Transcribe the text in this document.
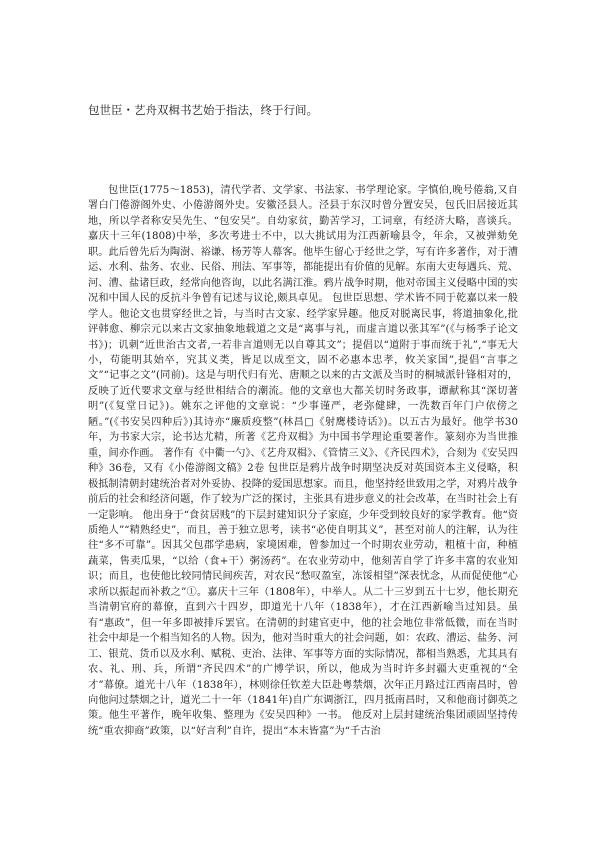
包世臣・艺舟双楫书艺始于指法，终于行间。

包世臣(1775～1853)，清代学者、文学家、书法家、书学理论家。字慎伯,晚号倦翁,又自署白门倦游阁外史、小倦游阁外史。安徽泾县人。泾县于东汉时曾分置安吴，包氏旧居接近其地，所以学者称安吴先生、“包安吴”。自幼家贫，勤苦学习，工词章，有经济大略，喜谈兵。嘉庆十三年(1808)中举，多次考进士不中，以大挑试用为江西新喻县令，年余，又被弹劾免职。此后曾先后为陶澍、裕谦、杨芳等人幕客。他毕生留心于经世之学，写有许多著作，对于漕运、水利、盐务、农业、民俗、刑法、军事等，都能提出有价值的见解。东南大吏每遇兵、荒、河、漕、盐诸巨政，经常向他咨询，以此名满江淮。鸦片战争时期，他对帝国主义侵略中国的实况和中国人民的反抗斗争曾有记述与议论,颇具卓见。 包世臣思想、学术皆不同于乾嘉以来一般学人。他论文也贯穿经世之旨，与当时古文家、经学家异趣。他反对脱离民事，将道抽象化,批评韩愈、柳宗元以来古文家抽象地载道之文是“离事与礼，而虚言道以张其军”(《与杨季子论文书》)；讥刺“近世治古文者,一若非言道则无以自尊其文”；提倡以“道附于事而统于礼”,“事无大小，苟能明其始卒，究其义类，皆足以成至文，固不必惠本忠孝，攸关家国”,提倡“言事之文”“记事之文”(同前)。这是与明代归有光、唐顺之以来的古文派及当时的桐城派针锋相对的，反映了近代要求文章与经世相结合的潮流。他的文章也大都关切时务政事，谭献称其“深切著明”(《复堂日记》)。姚东之评他的文章说：“少事谨严，老弥健肆，一洗数百年门户依傍之陋。”(《书安吴四种后》)其诗亦“廉质疫整”(林昌□《射鹰楼诗话》)。以五古为最好。他学书30年，为书家大宗，论书达尤精，所著《艺舟双楫》为中国书学理论重要著作。篆刻亦为当世推重，间亦作画。 著作有《中衢一勺》、《艺舟双楫》、《管情三义》、《齐民四术》，合刻为《安吴四种》36卷，又有《小倦游阁文稿》2卷 包世臣是鸦片战争时期坚决反对英国资本主义侵略，积极抵制清朝封建统治者对外妥协、投降的爱国思想家。而且，他坚持经世致用之学，对鸦片战争前后的社会和经济问题，作了较为广泛的探讨，主张具有进步意义的社会改革，在当时社会上有一定影响。 他出身于“食贫居贱”的下层封建知识分子家庭，少年受到较良好的家学教育。他“资质绝人”“精熟经史”，而且，善于独立思考，读书“必使自明其义”，甚至对前人的注解，认为往往“多不可靠”。因其父包郡学患病，家境困难，曾参加过一个时期农业劳动，粗植十亩，种植蔬菜，售卖瓜果，“以给（食+干）粥汤药”。在农业劳动中，他刻苦自学了许多丰富的农业知识；而且，也使他比较同情民间疾苦，对农民“愁叹盈室，冻馁相望”深表忧念，从而促使他“心求所以振起而补救之”①。嘉庆十三年（1808年），中举人。从二十三岁到五十七岁，他长期充当清朝官府的幕僚，直到六十四岁，即道光十八年（1838年），才在江西新喻当过知县。虽有“惠政”，但一年多即被排斥罢官。在清朝的封建官吏中，他的社会地位非常低微，而在当时社会中却是一个相当知名的人物。因为，他对当时重大的社会问题，如：农政、漕运、盐务、河工、银荒、货币以及水利、赋税、吏治、法律、军事等方面的实际情况，都相当熟悉，尤其具有农、礼、刑、兵，所谓“齐民四术”的广博学识，所以，他成为当时许多封疆大吏重视的“全才”幕僚。道光十八年（1838年），林则徐任钦差大臣赴粤禁烟，次年正月路过江西南昌时，曾向他问过禁烟之计，道光二十一年（1841年)自广东调浙江，四月抵南昌时，又和他商讨御英之策。他生平著作，晚年收集、整理为《安吴四种》一书。 他反对上层封建统治集团顽固坚持传统“重农抑商”政策，以“好言利”自许，提出“本末皆富”为“千古治
